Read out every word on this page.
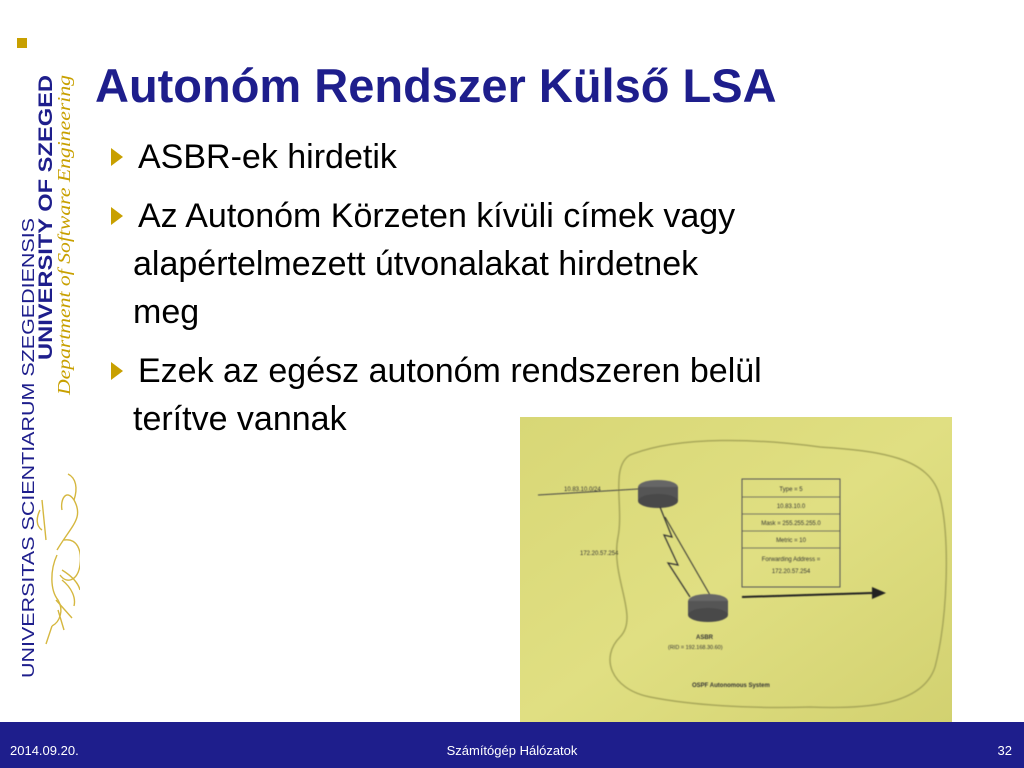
UNIVERSITAS SCIENTIARUM SZEGEDIENSIS
UNIVERSITY OF SZEGED
Department of Software Engineering
Autonóm Rendszer Külső LSA
ASBR-ek hirdetik
Az Autonóm Körzeten kívüli címek vagy
alapértelmezett útvonalakat hirdetnek
meg
Ezek az egész autonóm rendszeren belül
terítve vannak
10.83.10.0/24
172.20.57.254
ASBR
(RID = 192.168.30.60)
Type = 5
10.83.10.0
Mask = 255.255.255.0
Metric = 10
Forwarding Address =
172.20.57.254
OSPF Autonomous System
Számítógép Hálózatok
2014.09.20.	32
